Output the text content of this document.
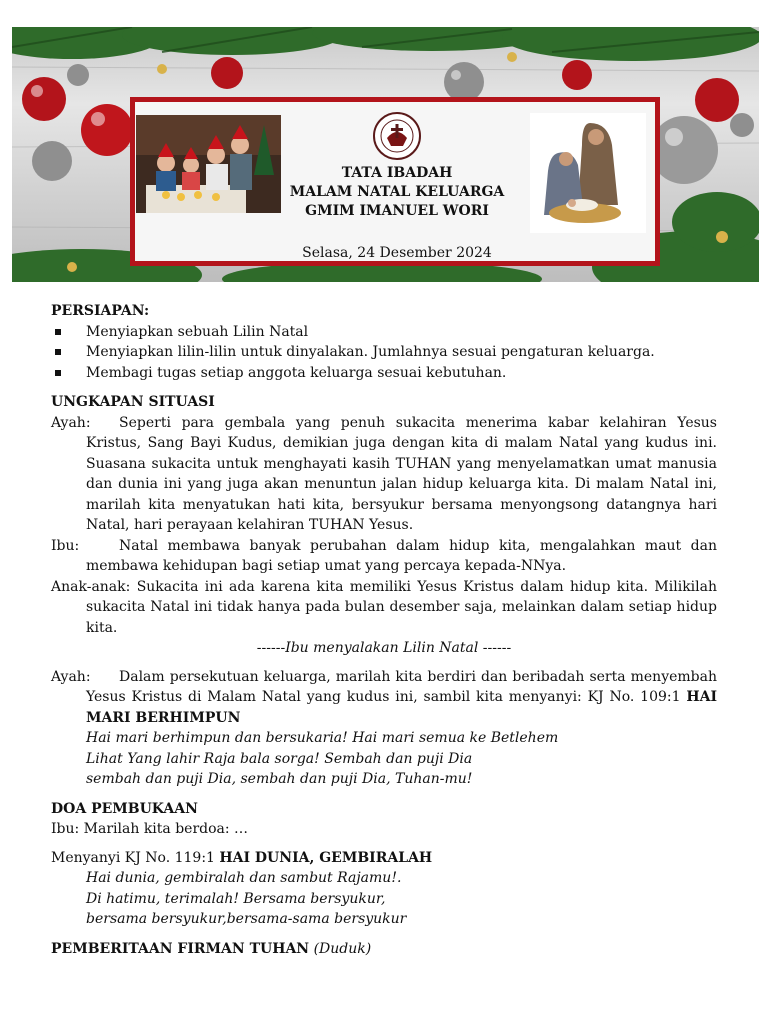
TATA IBADAH
MALAM NATAL KELUARGA
GMIM IMANUEL WORI
Selasa, 24 Desember 2024
PERSIAPAN:
Menyiapkan sebuah Lilin Natal
Menyiapkan lilin-lilin untuk dinyalakan. Jumlahnya sesuai pengaturan keluarga.
Membagi tugas setiap anggota keluarga sesuai kebutuhan.
UNGKAPAN SITUASI
Ayah: Seperti para gembala yang penuh sukacita menerima kabar kelahiran Yesus Kristus, Sang Bayi Kudus, demikian juga dengan kita di malam Natal yang kudus ini. Suasana sukacita untuk menghayati kasih TUHAN yang menyelamatkan umat manusia dan dunia ini yang juga akan menuntun jalan hidup keluarga kita. Di malam Natal ini, marilah kita menyatukan hati kita, bersyukur bersama menyongsong datangnya hari Natal, hari perayaan kelahiran TUHAN Yesus.
Ibu:	Natal membawa banyak perubahan dalam hidup kita, mengalahkan maut dan membawa kehidupan bagi setiap umat yang percaya kepada-NNya.
Anak-anak: Sukacita ini ada karena kita memiliki Yesus Kristus dalam hidup kita. Milikilah sukacita Natal ini tidak hanya pada bulan desember saja, melainkan dalam setiap hidup kita.
------Ibu menyalakan Lilin Natal ------
Ayah: Dalam persekutuan keluarga, marilah kita berdiri dan beribadah serta menyembah Yesus Kristus di Malam Natal yang kudus ini, sambil kita menyanyi: KJ No. 109:1 HAI MARI BERHIMPUN
Hai mari berhimpun dan bersukaria! Hai mari semua ke Betlehem
Lihat Yang lahir Raja bala sorga! Sembah dan puji Dia
sembah dan puji Dia, sembah dan puji Dia, Tuhan-mu!
DOA PEMBUKAAN
Ibu: Marilah kita berdoa: …
Menyanyi KJ No. 119:1 HAI DUNIA, GEMBIRALAH
Hai dunia, gembiralah dan sambut Rajamu!.
Di hatimu, terimalah! Bersama bersyukur,
bersama bersyukur,bersama-sama bersyukur
PEMBERITAAN FIRMAN TUHAN (Duduk)
